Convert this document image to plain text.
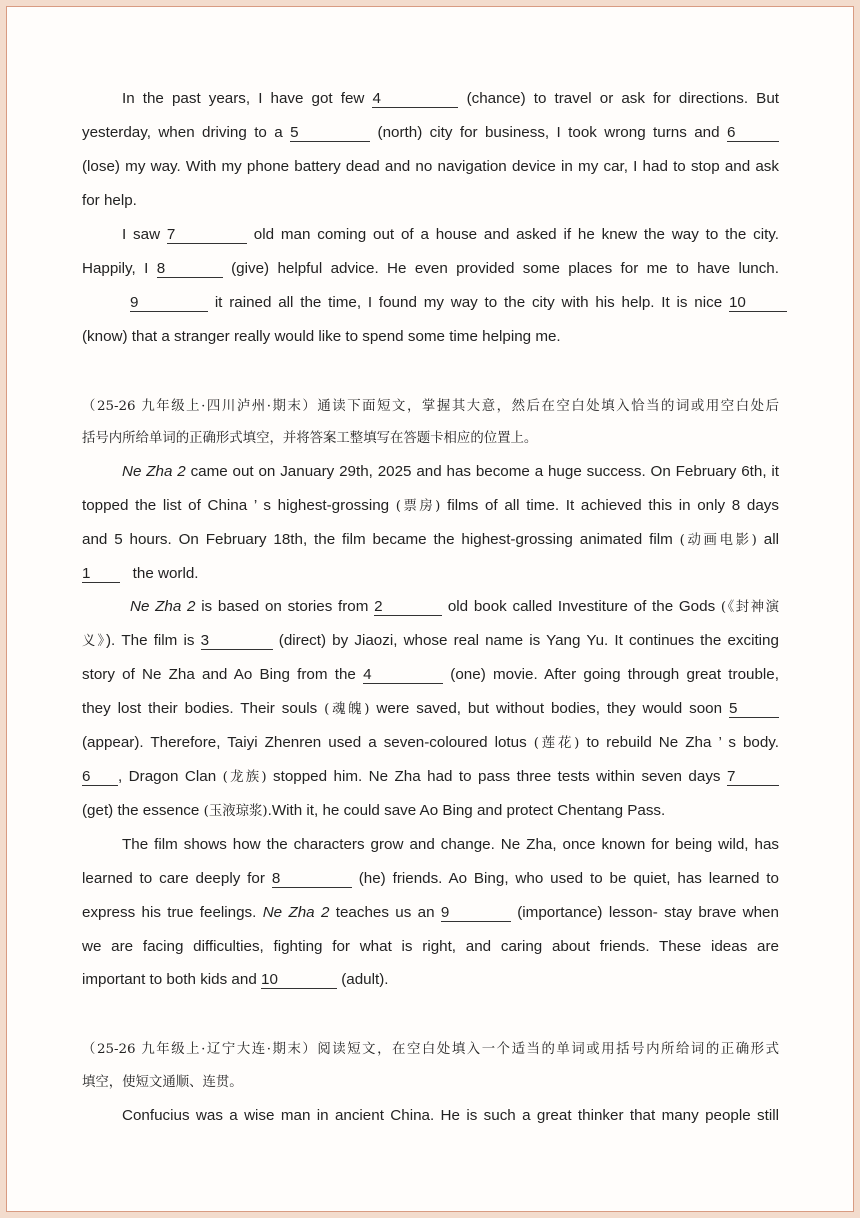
In the past years, I have got few 4	(chance) to travel or ask for directions. But
yesterday, when driving to a 5	(north) city for business, I took wrong turns and 6
(lose) my way. With my phone battery dead and no navigation device in my car, I had to stop and ask
for help.
I saw 7	old man coming out of a house and asked if he knew the way to the city.
Happily, I 8	(give) helpful advice. He even provided some places for me to have lunch.
9	it rained all the time, I found my way to the city with his help. It is nice 10
(know) that a stranger really would like to spend some time helping me.
（25-26 九年级上·四川泸州·期末）通读下面短文，掌握其大意，然后在空白处填入恰当的词或用空白处后
括号内所给单词的正确形式填空，并将答案工整填写在答题卡相应的位置上。
Ne Zha 2 came out on January 29th, 2025 and has become a huge success. On February 6th, it
topped the list of China ’ s highest-grossing (票房) films of all time. It achieved this in only 8 days
and 5 hours. On February 18th, the film became the highest-grossing animated film (动画电影) all
1	the world.
Ne Zha 2 is based on stories from 2	old book called Investiture of the Gods (《封神演
义》). The film is 3	(direct) by Jiaozi, whose real name is Yang Yu. It continues the exciting
story of Ne Zha and Ao Bing from the 4	(one) movie. After going through great trouble,
they lost their bodies. Their souls (魂魄) were saved, but without bodies, they would soon 5
(appear). Therefore, Taiyi Zhenren used a seven-coloured lotus (莲花) to rebuild Ne Zha ’ s body.
6 , Dragon Clan (龙族) stopped him. Ne Zha had to pass three tests within seven days 7
(get) the essence (玉液琼浆).With it, he could save Ao Bing and protect Chentang Pass.
The film shows how the characters grow and change. Ne Zha, once known for being wild, has
learned to care deeply for 8	(he) friends. Ao Bing, who used to be quiet, has learned to
express his true feelings. Ne Zha 2 teaches us an 9	(importance) lesson- stay brave when
we are facing difficulties, fighting for what is right, and caring about friends. These ideas are
important to both kids and 10	(adult).
（25-26 九年级上·辽宁大连·期末）阅读短文，在空白处填入一个适当的单词或用括号内所给词的正确形式
填空，使短文通顺、连贯。
Confucius was a wise man in ancient China. He is such a great thinker that many people still
